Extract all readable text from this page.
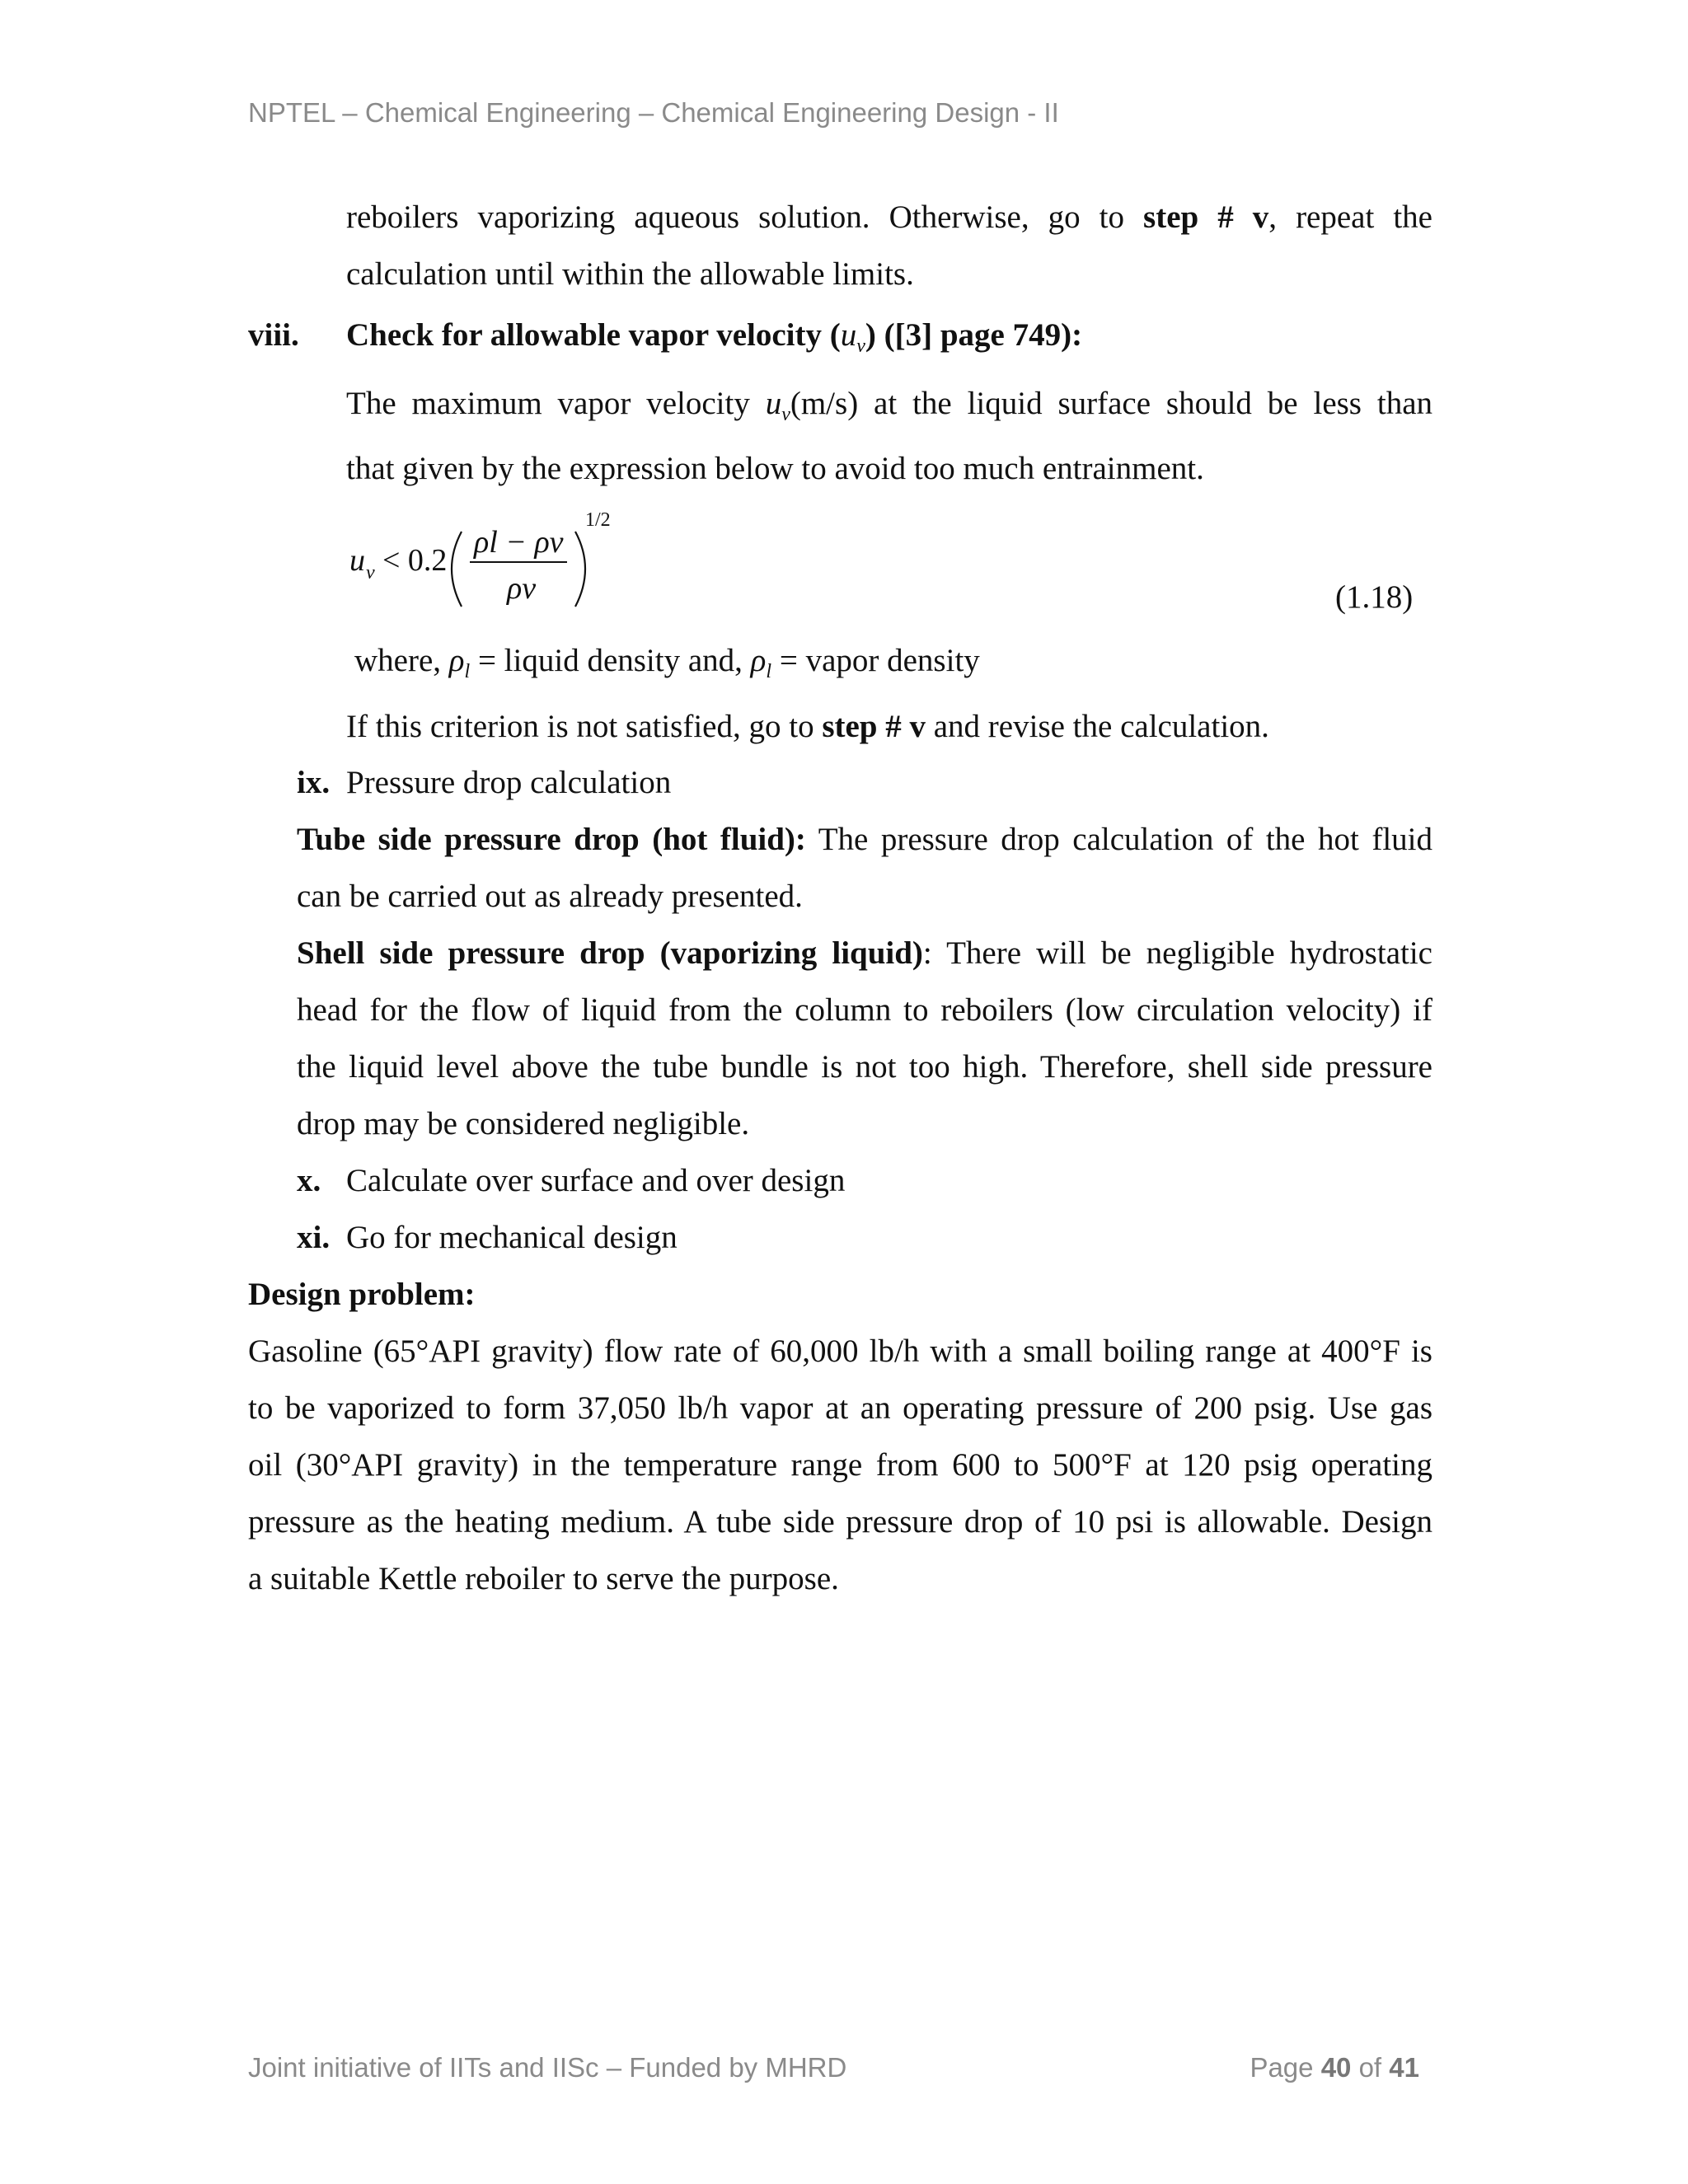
NPTEL – Chemical Engineering – Chemical Engineering Design - II
reboilers vaporizing aqueous solution. Otherwise, go to step # v, repeat the
calculation until within the allowable limits.
viii. Check for allowable vapor velocity $(u_v)$ ([3] page 749):
The maximum vapor velocity $u_v(m/s)$ at the liquid surface should be less than
that given by the expression below to avoid too much entrainment.
u v < 0.2
ρl − ρv
ρv
1/2
(1.18)
where, $\rho_l$ = liquid density and, $\rho_l$ = vapor density
If this criterion is not satisfied, go to step # v and revise the calculation.
ix. Pressure drop calculation
Tube side pressure drop (hot fluid): The pressure drop calculation of the hot fluid
can be carried out as already presented.
Shell side pressure drop (vaporizing liquid): There will be negligible hydrostatic
head for the flow of liquid from the column to reboilers (low circulation velocity) if
the liquid level above the tube bundle is not too high. Therefore, shell side pressure
drop may be considered negligible.
x. Calculate over surface and over design
xi. Go for mechanical design
Design problem:
Gasoline (65°API gravity) flow rate of 60,000 lb/h with a small boiling range at 400°F is
to be vaporized to form 37,050 lb/h vapor at an operating pressure of 200 psig. Use gas
oil (30°API gravity) in the temperature range from 600 to 500°F at 120 psig operating
pressure as the heating medium. A tube side pressure drop of 10 psi is allowable. Design
a suitable Kettle reboiler to serve the purpose.
Joint initiative of IITs and IISc – Funded by MHRD	Page 40 of 41
